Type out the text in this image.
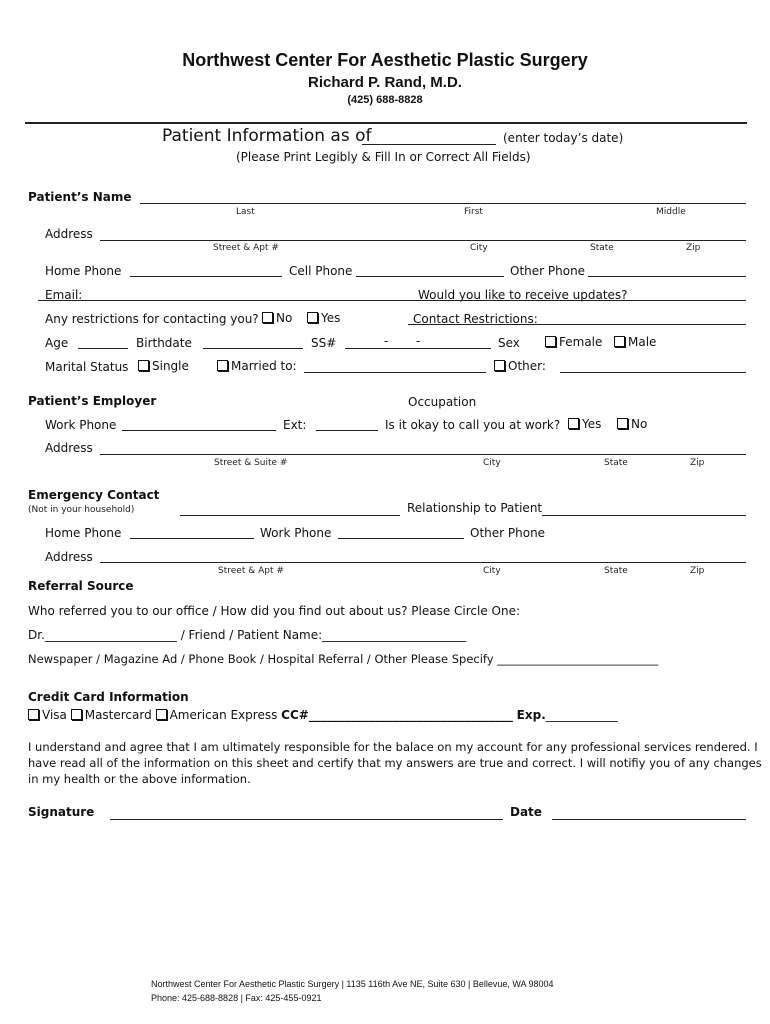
Northwest Center For Aesthetic Plastic Surgery
Richard P. Rand, M.D.
(425) 688-8828
Patient Information as of	(enter today’s date)
(Please Print Legibly & Fill In or Correct All Fields)
Patient’s Name
Last	First	Middle
Address
Street & Apt #	City	State	Zip
Home Phone	Cell Phone	Other Phone
Email:	Would you like to receive updates?
Any restrictions for contacting you?	No	Yes	Contact Restrictions:
Age	Birthdate	SS#	- -	Sex	Female	Male
Marital Status	Single	Married to:	Other:
Patient’s Employer	Occupation
Work Phone	Ext:	Is it okay to call you at work?	Yes	No
Address
Street & Suite #	City	State	Zip
Emergency Contact
(Not in your household)	Relationship to Patient
Home Phone	Work Phone	Other Phone
Address
Street & Apt #	City	State	Zip
Referral Source
Who referred you to our office / How did you find out about us? Please Circle One:
Dr.______________________ / Friend / Patient Name:________________________
Newspaper / Magazine Ad / Phone Book / Hospital Referral / Other Please Specify ____________________________
Credit Card Information
Visa Mastercard American Express CC#__________________________________ Exp.____________
I understand and agree that I am ultimately responsible for the balace on my account for any professional services rendered. I
have read all of the information on this sheet and certify that my answers are true and correct. I will notifiy you of any changes
in my health or the above information.
Signature	Date
Northwest Center For Aesthetic Plastic Surgery | 1135 116th Ave NE, Suite 630 | Bellevue, WA 98004
Phone: 425-688-8828 | Fax: 425-455-0921
